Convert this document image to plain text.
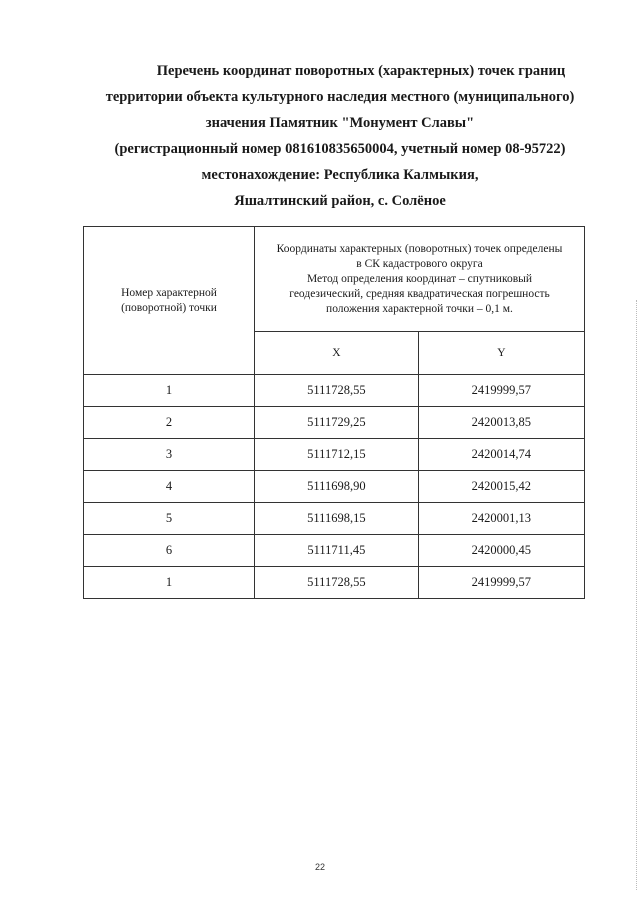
Перечень координат поворотных (характерных) точек границ
территории объекта культурного наследия местного (муниципального)
значения Памятник "Монумент Славы"
(регистрационный номер 081610835650004, учетный номер 08-95722)
местонахождение: Республика Калмыкия,
Яшалтинский район, с. Солёное
Номер характерной (поворотной) точки	Координаты характерных (поворотных) точек определены
в СК кадастрового округа
Метод определения координат – спутниковый
геодезический, средняя квадратическая погрешность
положения характерной точки – 0,1 м.	

	X	Y
1	5111728,55	2419999,57
2	5111729,25	2420013,85
3	5111712,15	2420014,74
4	5111698,90	2420015,42
5	5111698,15	2420001,13
6	5111711,45	2420000,45
1	5111728,55	2419999,57
22
